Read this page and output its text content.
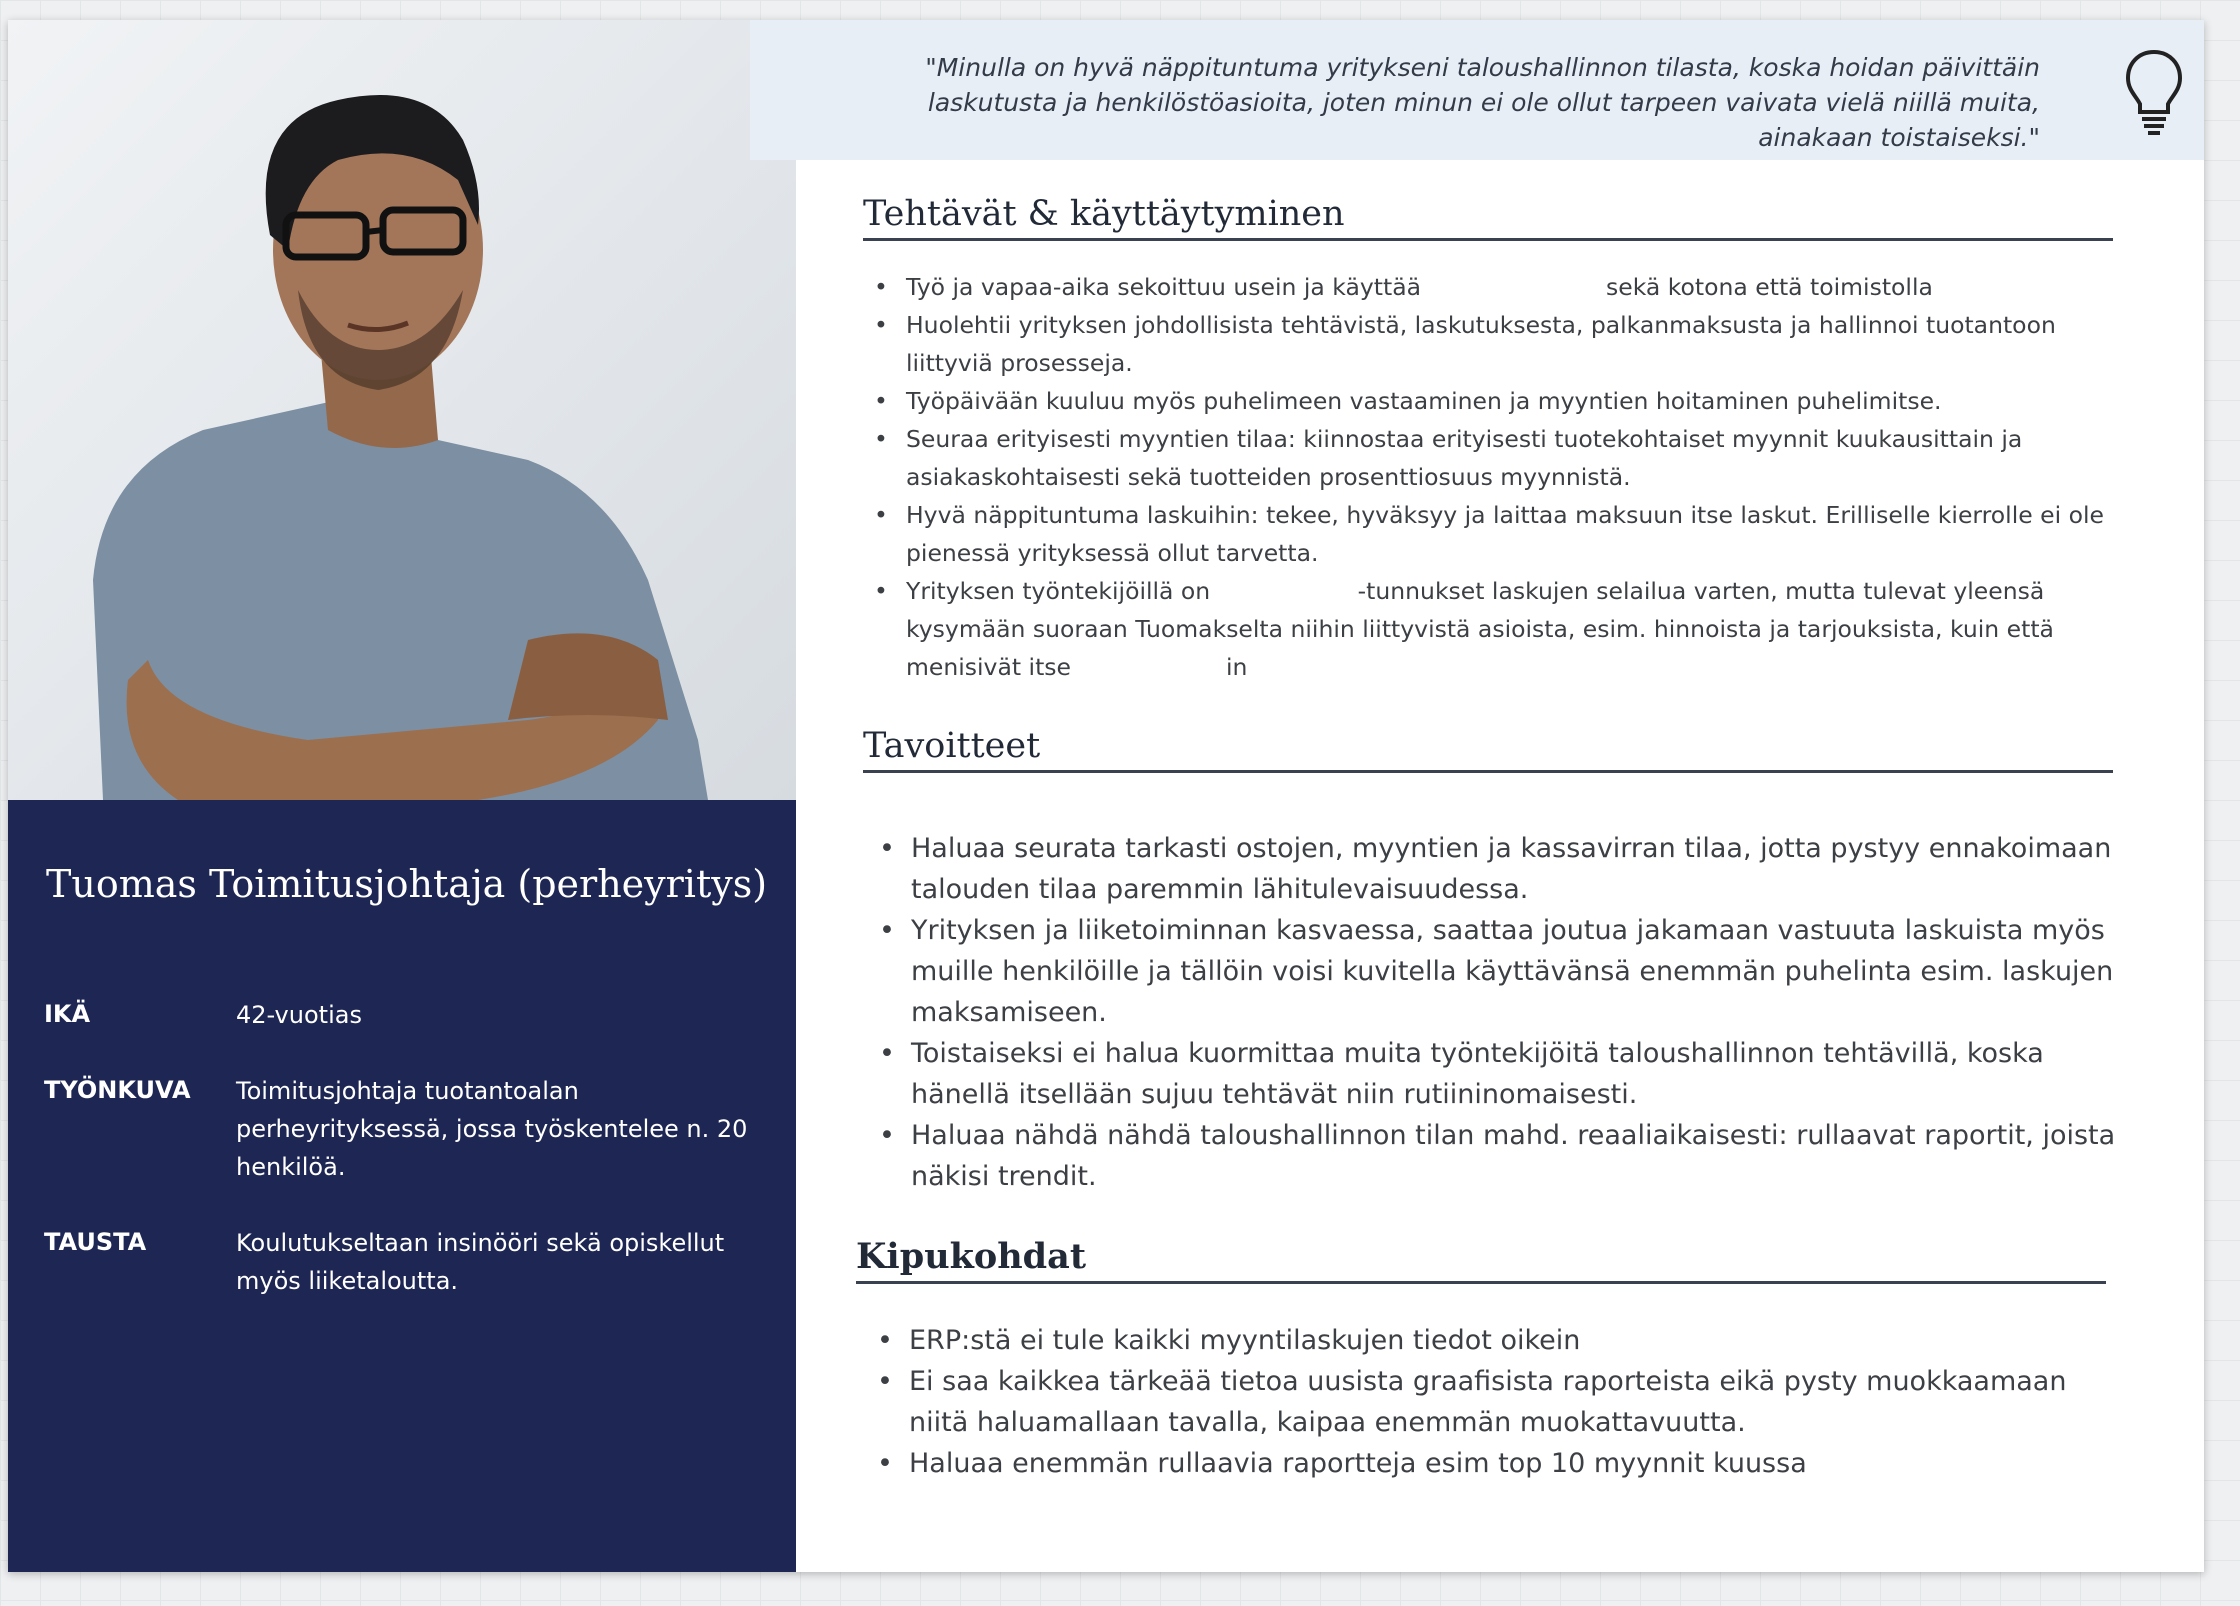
Tuomas Toimitusjohtaja (perheyritys)
IKÄ	42-vuotias
TYÖNKUVA	Toimitusjohtaja tuotantoalan perheyrityksessä, jossa työskentelee n. 20 henkilöä.
TAUSTA	Koulutukseltaan insinööri sekä opiskellut myös liiketaloutta.
"Minulla on hyvä näppituntuma yritykseni taloushallinnon tilasta, koska hoidan päivittäin laskutusta ja henkilöstöasioita, joten minun ei ole ollut tarpeen vaivata vielä niillä muita, ainakaan toistaiseksi."
Tehtävät & käyttäytyminen
• Työ ja vapaa-aika sekoittuu usein ja käyttää	sekä kotona että toimistolla
• Huolehtii yrityksen johdollisista tehtävistä, laskutuksesta, palkanmaksusta ja hallinnoi tuotantoon liittyviä prosesseja.
• Työpäivään kuuluu myös puhelimeen vastaaminen ja myyntien hoitaminen puhelimitse.
• Seuraa erityisesti myyntien tilaa: kiinnostaa erityisesti tuotekohtaiset myynnit kuukausittain ja asiakaskohtaisesti sekä tuotteiden prosenttiosuus myynnistä.
• Hyvä näppituntuma laskuihin: tekee, hyväksyy ja laittaa maksuun itse laskut. Erilliselle kierrolle ei ole pienessä yrityksessä ollut tarvetta.
• Yrityksen työntekijöillä on	-tunnukset laskujen selailua varten, mutta tulevat yleensä kysymään suoraan Tuomakselta niihin liittyvistä asioista, esim. hinnoista ja tarjouksista, kuin että menisivät itse	in
Tavoitteet
• Haluaa seurata tarkasti ostojen, myyntien ja kassavirran tilaa, jotta pystyy ennakoimaan talouden tilaa paremmin lähitulevaisuudessa.
• Yrityksen ja liiketoiminnan kasvaessa, saattaa joutua jakamaan vastuuta laskuista myös muille henkilöille ja tällöin voisi kuvitella käyttävänsä enemmän puhelinta esim. laskujen maksamiseen.
• Toistaiseksi ei halua kuormittaa muita työntekijöitä taloushallinnon tehtävillä, koska hänellä itsellään sujuu tehtävät niin rutiininomaisesti.
• Haluaa nähdä nähdä taloushallinnon tilan mahd. reaaliaikaisesti: rullaavat raportit, joista näkisi trendit.
Kipukohdat
• ERP:stä ei tule kaikki myyntilaskujen tiedot oikein
• Ei saa kaikkea tärkeää tietoa uusista graafisista raporteista eikä pysty muokkaamaan niitä haluamallaan tavalla, kaipaa enemmän muokattavuutta.
• Haluaa enemmän rullaavia raportteja esim top 10 myynnit kuussa
